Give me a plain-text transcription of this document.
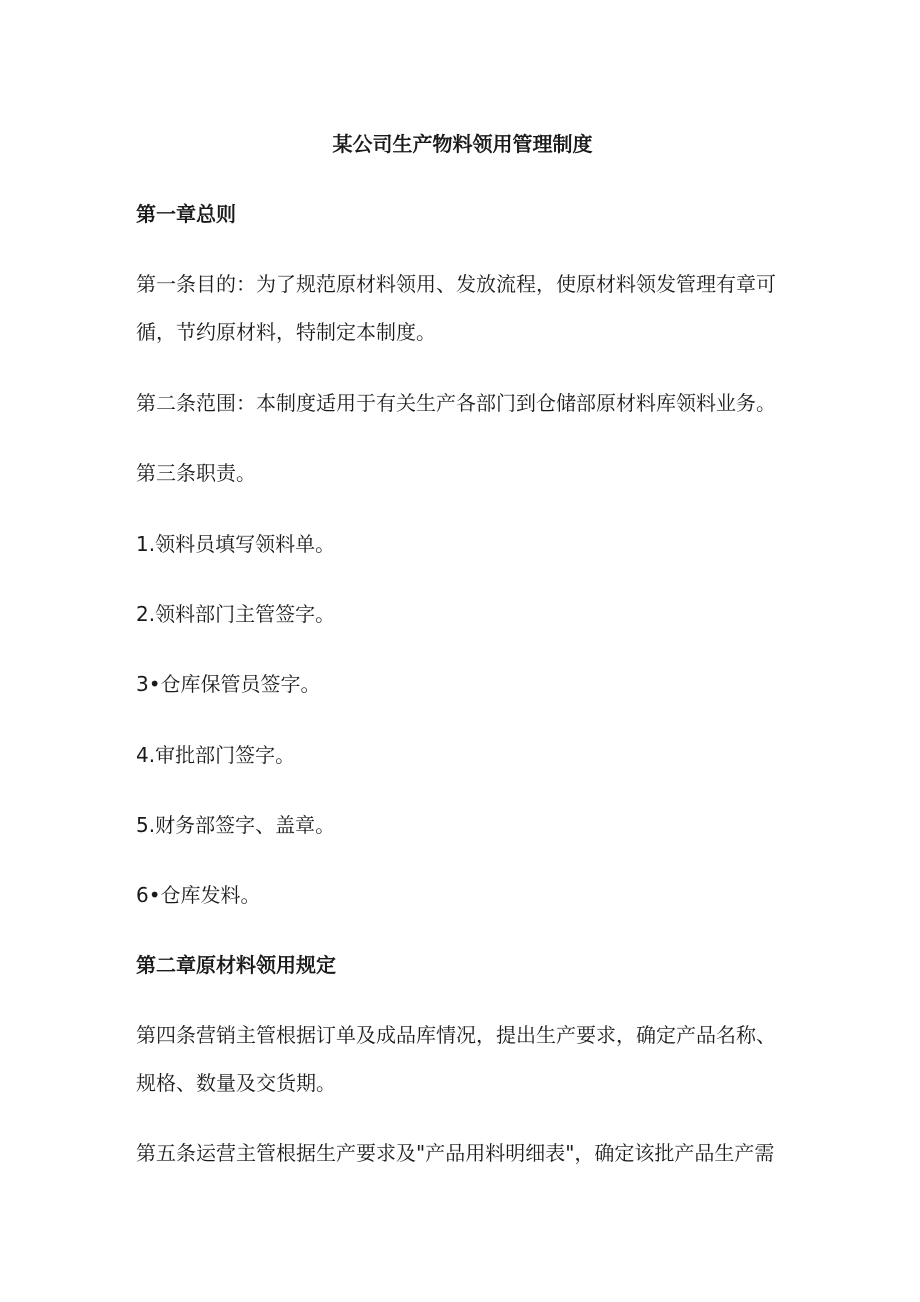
某公司生产物料领用管理制度

第一章总则

第一条目的：为了规范原材料领用、发放流程，使原材料领发管理有章可

循，节约原材料，特制定本制度。

第二条范围：本制度适用于有关生产各部门到仓储部原材料库领料业务。

第三条职责。

1.领料员填写领料单。

2.领料部门主管签字。

3•仓库保管员签字。

4.审批部门签字。

5.财务部签字、盖章。

6•仓库发料。

第二章原材料领用规定

第四条营销主管根据订单及成品库情况，提出生产要求，确定产品名称、

规格、数量及交货期。

第五条运营主管根据生产要求及"产品用料明细表"，确定该批产品生产需
